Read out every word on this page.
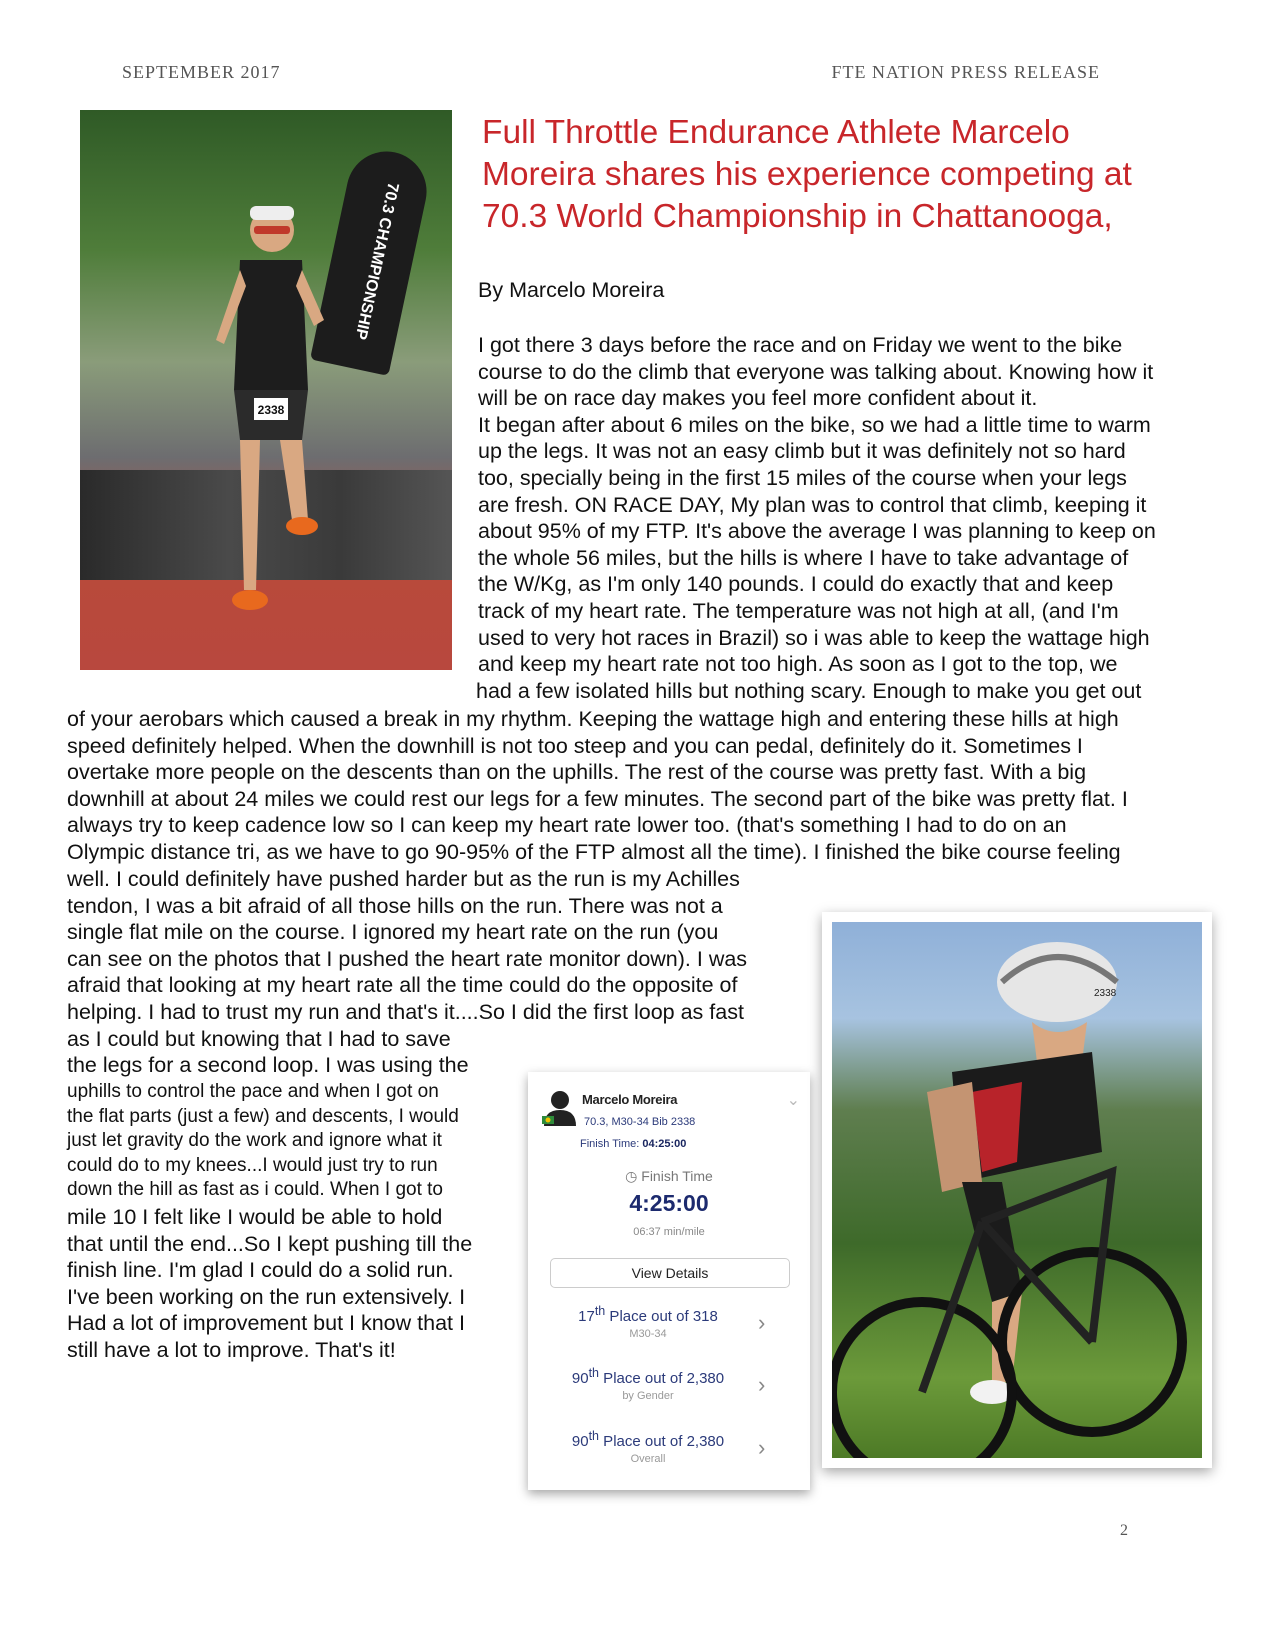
SEPTEMBER 2017	FTE NATION PRESS RELEASE
70.3 CHAMPIONSHIP
2338
Full Throttle Endurance Athlete Marcelo
Moreira shares his experience competing at
70.3 World Championship in Chattanooga,
By Marcelo Moreira

I got there 3 days before the race and on Friday we went to the bike
course to do the climb that everyone was talking about. Knowing how it
will be on race day makes you feel more confident about it.
It began after about 6 miles on the bike, so we had a little time to warm
up the legs. It was not an easy climb but it was definitely not so hard
too, specially being in the first 15 miles of the course when your legs
are fresh. ON RACE DAY, My plan was to control that climb, keeping it
about 95% of my FTP. It's above the average I was planning to keep on
the whole 56 miles, but the hills is where I have to take advantage of
the W/Kg, as I'm only 140 pounds. I could do exactly that and keep
track of my heart rate. The temperature was not high at all, (and I'm
used to very hot races in Brazil) so i was able to keep the wattage high
and keep my heart rate not too high. As soon as I got to the top, we
had a few isolated hills but nothing scary. Enough to make you get out

of your aerobars which caused a break in my rhythm. Keeping the wattage high and entering these hills at high
speed definitely helped. When the downhill is not too steep and you can pedal, definitely do it. Sometimes I
overtake more people on the descents than on the uphills. The rest of the course was pretty fast. With a big
downhill at about 24 miles we could rest our legs for a few minutes. The second part of the bike was pretty flat. I
always try to keep cadence low so I can keep my heart rate lower too. (that's something I had to do on an
Olympic distance tri, as we have to go 90-95% of the FTP almost all the time). I finished the bike course feeling

well. I could definitely have pushed harder but as the run is my Achilles
tendon, I was a bit afraid of all those hills on the run. There was not a
single flat mile on the course. I ignored my heart rate on the run (you
can see on the photos that I pushed the heart rate monitor down). I was
afraid that looking at my heart rate all the time could do the opposite of
helping. I had to trust my run and that's it....So I did the first loop as fast
as I could but knowing that I had to save
the legs for a second loop. I was using the

uphills to control the pace and when I got on
the flat parts (just a few) and descents, I would
just let gravity do the work and ignore what it
could do to my knees...I would just try to run
down the hill as fast as i could. When I got to

mile 10 I felt like I would be able to hold
that until the end...So I kept pushing till the
finish line. I'm glad I could do a solid run.
I've been working on the run extensively. I
Had a lot of improvement but I know that I
still have a lot to improve. That's it!

Marcelo Moreira	⌄
70.3, M30-34 Bib 2338
Finish Time: 04:25:00
◷ Finish Time
4:25:00
06:37 min/mile
View Details
17th Place out of 318
M30-34	›
90th Place out of 2,380
by Gender	›
90th Place out of 2,380
Overall	›
2338
2
